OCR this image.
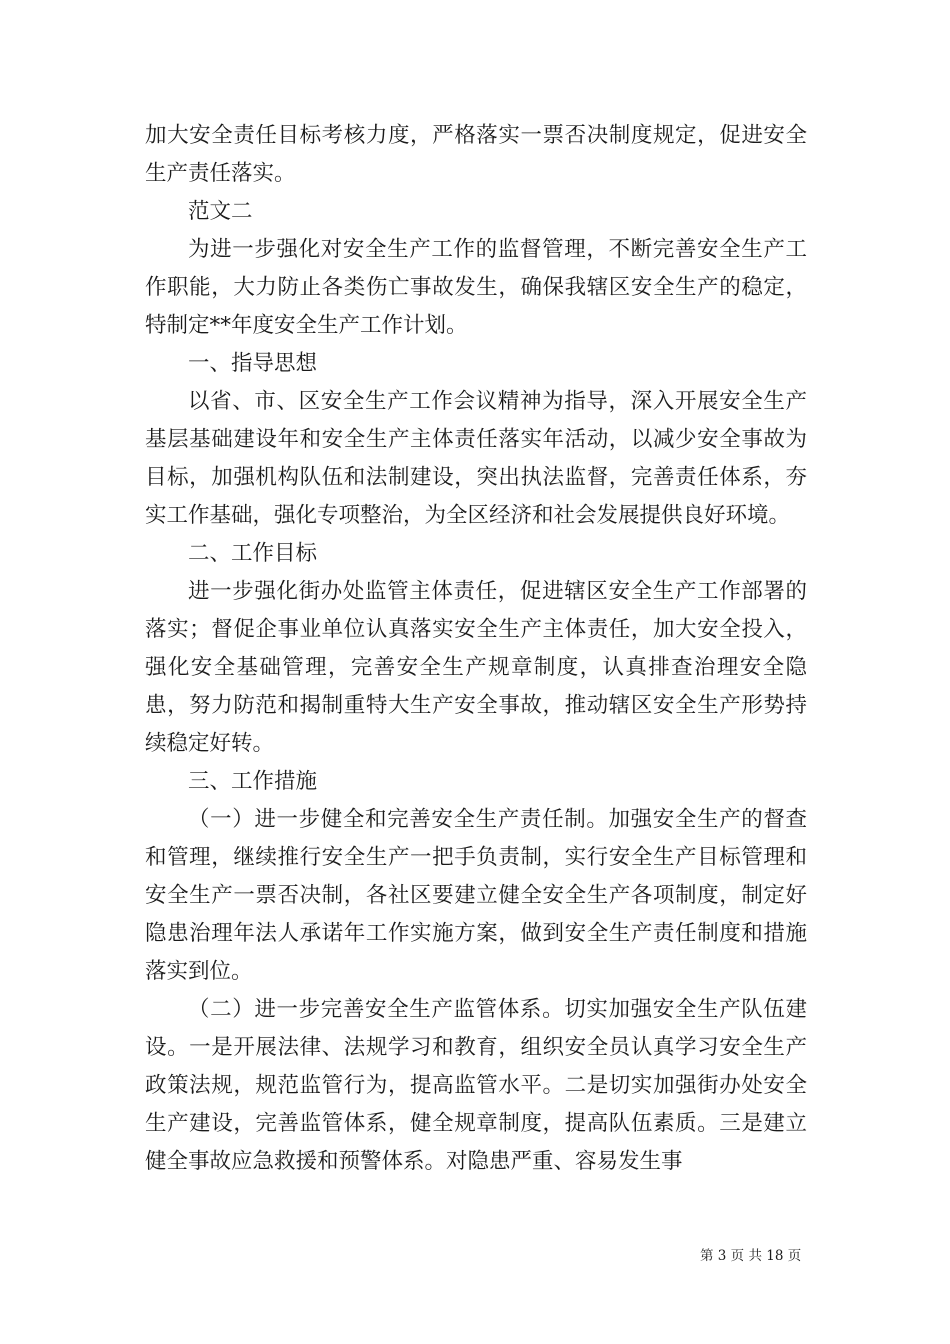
加大安全责任目标考核力度，严格落实一票否决制度规定，促进安全生产责任落实。

范文二

为进一步强化对安全生产工作的监督管理，不断完善安全生产工作职能，大力防止各类伤亡事故发生，确保我辖区安全生产的稳定，特制定**年度安全生产工作计划。

一、指导思想

以省、市、区安全生产工作会议精神为指导，深入开展安全生产基层基础建设年和安全生产主体责任落实年活动，以减少安全事故为目标，加强机构队伍和法制建设，突出执法监督，完善责任体系，夯实工作基础，强化专项整治，为全区经济和社会发展提供良好环境。

二、工作目标

进一步强化街办处监管主体责任，促进辖区安全生产工作部署的落实；督促企事业单位认真落实安全生产主体责任，加大安全投入，强化安全基础管理，完善安全生产规章制度，认真排查治理安全隐患，努力防范和揭制重特大生产安全事故，推动辖区安全生产形势持续稳定好转。

三、工作措施

（一）进一步健全和完善安全生产责任制。加强安全生产的督查和管理，继续推行安全生产一把手负责制，实行安全生产目标管理和安全生产一票否决制，各社区要建立健全安全生产各项制度，制定好隐患治理年法人承诺年工作实施方案，做到安全生产责任制度和措施落实到位。

（二）进一步完善安全生产监管体系。切实加强安全生产队伍建设。一是开展法律、法规学习和教育，组织安全员认真学习安全生产政策法规，规范监管行为，提高监管水平。二是切实加强街办处安全生产建设，完善监管体系，健全规章制度，提高队伍素质。三是建立健全事故应急救援和预警体系。对隐患严重、容易发生事

第 3 页 共 18 页
